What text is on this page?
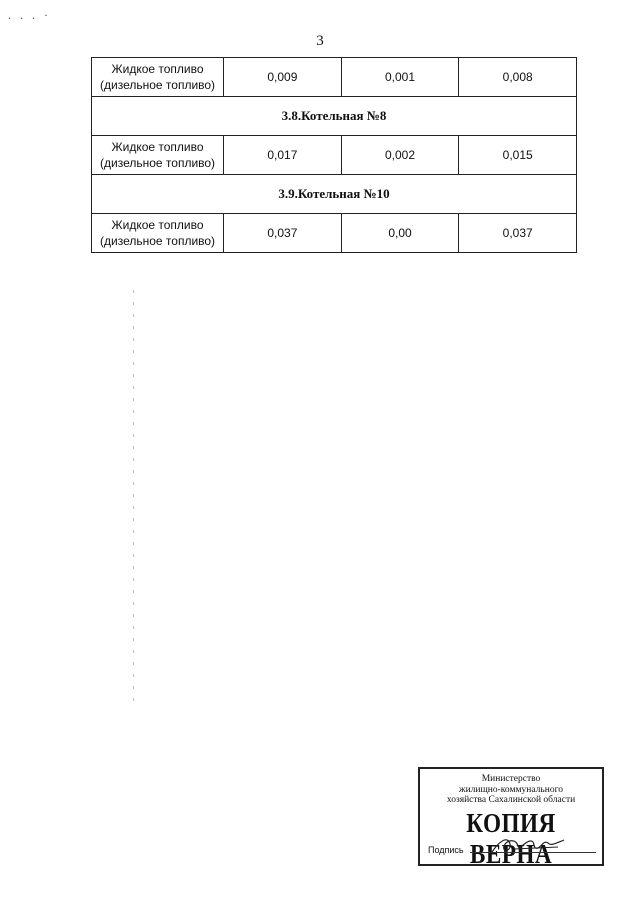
. . . ·
3
Жидкое топливо
(дизельное топливо)	0,009	0,001	0,008
3.8.Котельная №8			

Жидкое топливо
(дизельное топливо)	0,017	0,002	0,015
3.9.Котельная №10			

Жидкое топливо
(дизельное топливо)	0,037	0,00	0,037
Министерство
жилищно-коммунального
хозяйства Сахалинской области
КОПИЯ ВЕРНА
Подпись
